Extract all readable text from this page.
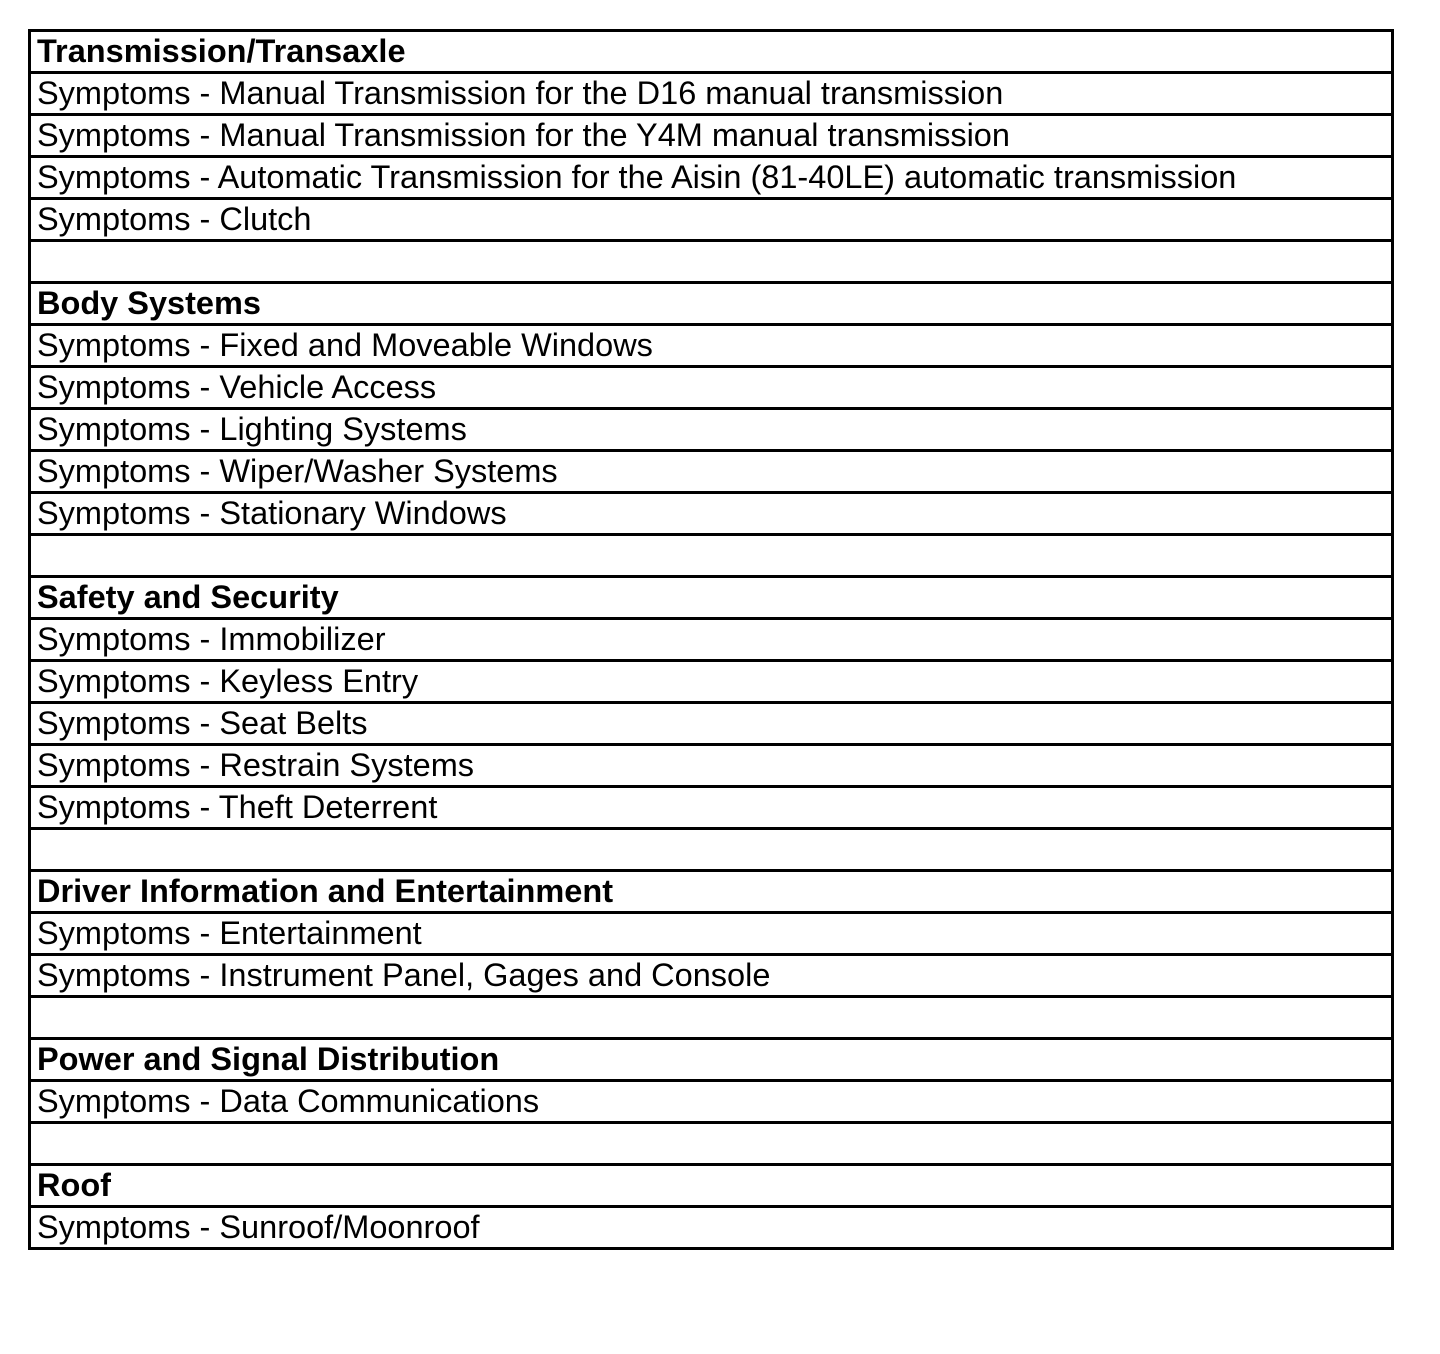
Transmission/Transaxle
Symptoms - Manual Transmission for the D16 manual transmission
Symptoms - Manual Transmission for the Y4M manual transmission
Symptoms - Automatic Transmission for the Aisin (81-40LE) automatic transmission
Symptoms - Clutch

Body Systems
Symptoms - Fixed and Moveable Windows
Symptoms - Vehicle Access
Symptoms - Lighting Systems
Symptoms - Wiper/Washer Systems
Symptoms - Stationary Windows

Safety and Security
Symptoms - Immobilizer
Symptoms - Keyless Entry
Symptoms - Seat Belts
Symptoms - Restrain Systems
Symptoms - Theft Deterrent

Driver Information and Entertainment
Symptoms - Entertainment
Symptoms - Instrument Panel, Gages and Console

Power and Signal Distribution
Symptoms - Data Communications

Roof
Symptoms - Sunroof/Moonroof
